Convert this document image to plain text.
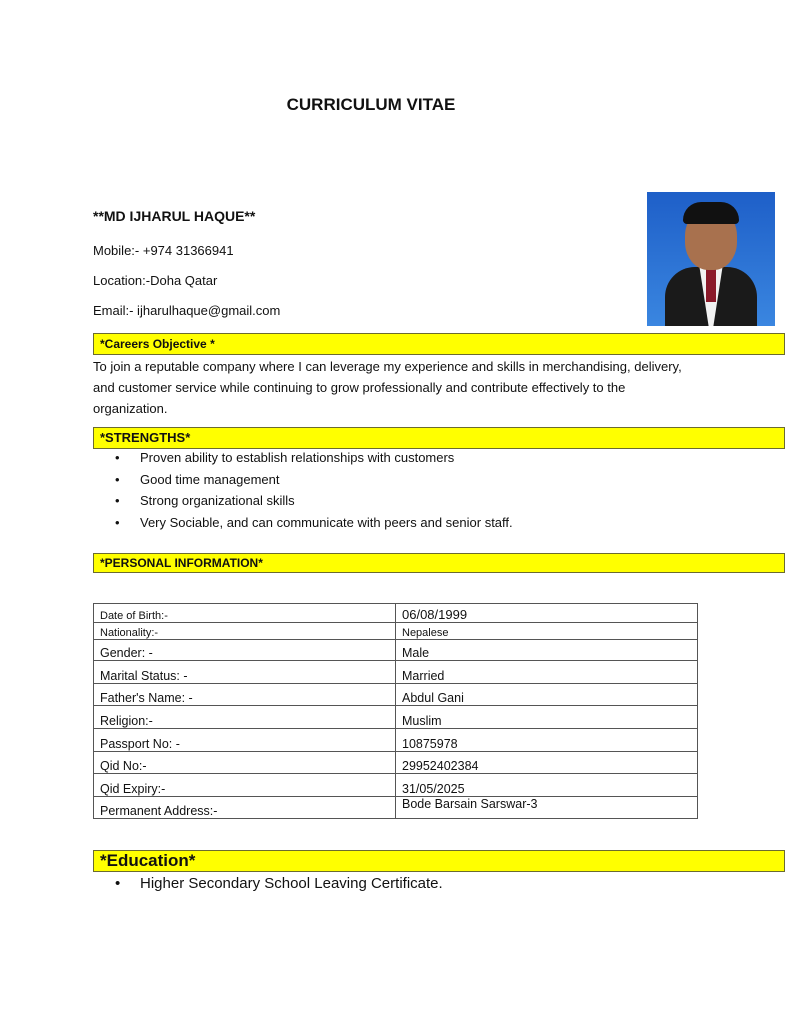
CURRICULUM VITAE
**MD IJHARUL HAQUE**
Mobile:- +974 31366941
Location:-Doha Qatar
Email:- ijharulhaque@gmail.com
*Careers Objective *
To join a reputable company where I can leverage my experience and skills in merchandising, delivery, and customer service while continuing to grow professionally and contribute effectively to the organization.
*STRENGTHS*
• Proven ability to establish relationships with customers
• Good time management
• Strong organizational skills
• Very Sociable, and can communicate with peers and senior staff.
*PERSONAL INFORMATION*
Date of Birth:-	06/08/1999
Nationality:-	Nepalese
Gender: -	Male
Marital Status: -	Married
Father's Name: -	Abdul Gani
Religion:-	Muslim
Passport No: -	10875978
Qid No:-	29952402384
Qid Expiry:-	31/05/2025
Permanent Address:-	Bode Barsain Sarswar-3
*Education*
• Higher Secondary School Leaving Certificate.
